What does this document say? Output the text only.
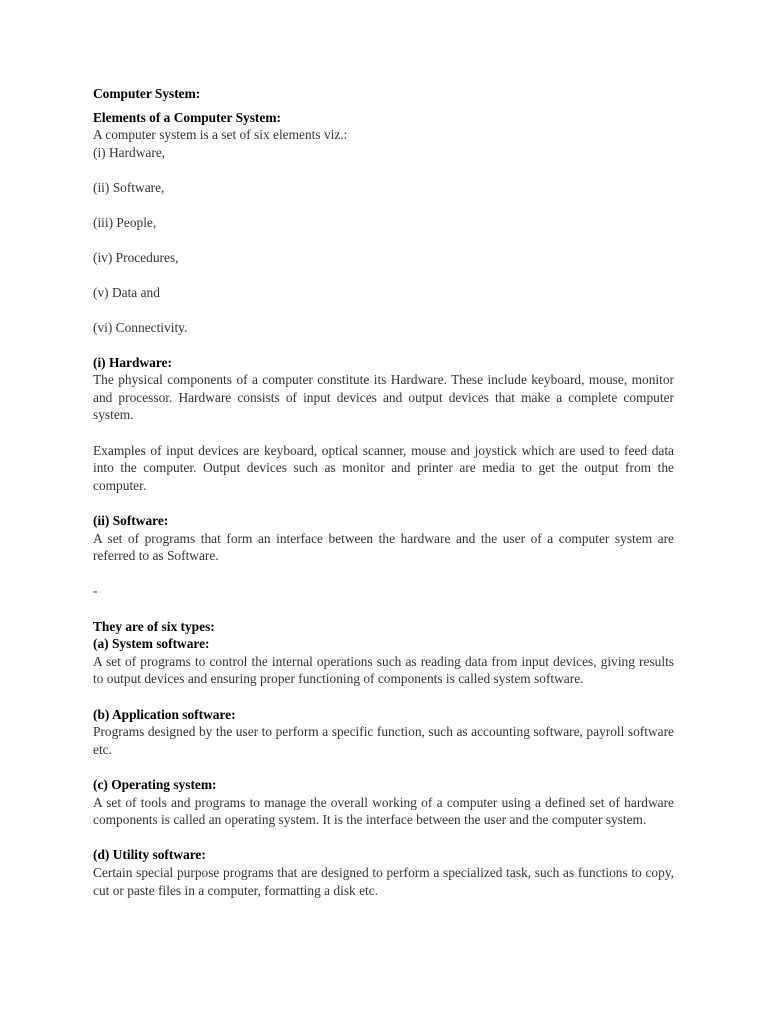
Computer System:
Elements of a Computer System:
A computer system is a set of six elements viz.:
(i) Hardware,
(ii) Software,
(iii) People,
(iv) Procedures,
(v) Data and
(vi) Connectivity.
(i) Hardware:
The physical components of a computer constitute its Hardware. These include keyboard, mouse, monitor and processor. Hardware consists of input devices and output devices that make a complete computer system.
Examples of input devices are keyboard, optical scanner, mouse and joystick which are used to feed data into the computer. Output devices such as monitor and printer are media to get the output from the computer.
(ii) Software:
A set of programs that form an interface between the hardware and the user of a computer system are referred to as Software.
-
They are of six types:
(a) System software:
A set of programs to control the internal operations such as reading data from input devices, giving results to output devices and ensuring proper functioning of components is called system software.
(b) Application software:
Programs designed by the user to perform a specific function, such as accounting software, payroll software etc.
(c) Operating system:
A set of tools and programs to manage the overall working of a computer using a defined set of hardware components is called an operating system. It is the interface between the user and the computer system.
(d) Utility software:
Certain special purpose programs that are designed to perform a specialized task, such as functions to copy, cut or paste files in a computer, formatting a disk etc.
